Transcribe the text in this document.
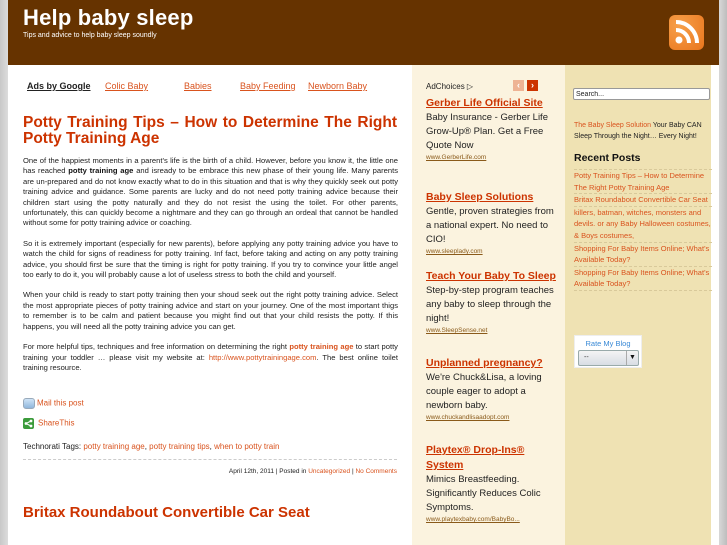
Help baby sleep
Tips and advice to help baby sleep soundly
Ads by Google Colic Baby	Babies	Baby Feeding Newborn Baby
Potty Training Tips – How to Determine The Right Potty Training Age

One of the happiest moments in a parent's life is the birth of a child. However, before you know it, the little one has reached potty training age and isready to be embrace this new phase of their young life. Many parents are un-prepared and do not know exactly what to do in this situation and that is why they quickly seek out potty training advice and guidance. Some parents are lucky and do not need potty training advice because their children start using the potty naturally and they do not resist the using the toilet. For other parents, unfortunately, this can quickly become a nightmare and they can go through an ordeal that cannot be handled without some for potty training advice or coaching.

So it is extremely important (especially for new parents), before applying any potty training advice you have to watch the child for signs of readiness for potty training. Inf fact, before taking and acting on any potty training advice, you should first be sure that the timing is right for potty training. If you try to convince your little angel too early to do it, you will probably cause a lot of useless stress to both the child and yourself.

When your child is ready to start potty training then your shoud seek out the right potty training advice. Select the most appropriate pieces of potty training advice and start on your journey. One of the most important thigs to remember is to be calm and patient because you might find out that your child resists the potty. If this happens, you will need all the potty training advice you can get.

For more helpful tips, techniques and free information on determining the right potty training age to start potty training your toddler … please visit my website at: http://www.pottytrainingage.com. The best online toilet training resource.

Mail this post
ShareThis
Technorati Tags: potty training age, potty training tips, when to potty train
April 12th, 2011 | Posted in Uncategorized | No Comments
Britax Roundabout Convertible Car Seat

AdChoices ▷	‹	›
Gerber Life Official Site
Baby Insurance - Gerber Life Grow-Up® Plan. Get a Free Quote Now
www.GerberLife.com
Baby Sleep Solutions
Gentle, proven strategies from a national expert. No need to CIO!
www.sleeplady.com
Teach Your Baby To Sleep
Step-by-step program teaches any baby to sleep through the night!
www.SleepSense.net
Unplanned pregnancy?
We're Chuck&Lisa, a loving couple eager to adopt a newborn baby.
www.chuckandlisaadopt.com
Playtex® Drop-Ins® System
Mimics Breastfeeding. Significantly Reduces Colic Symptoms.
www.playtexbaby.com/BabyBo...
Search...
The Baby Sleep Solution Your Baby CAN Sleep Through the Night… Every Night!
Recent Posts
Potty Training Tips – How to Determine The Right Potty Training Age
Britax Roundabout Convertible Car Seat
killers, batman, witches, monsters and devils. or any Baby Halloween costumes, & Boys costumes,
Shopping For Baby Items Online; What's Available Today?
Shopping For Baby Items Online; What's Available Today?
Rate My Blog
--	▼
